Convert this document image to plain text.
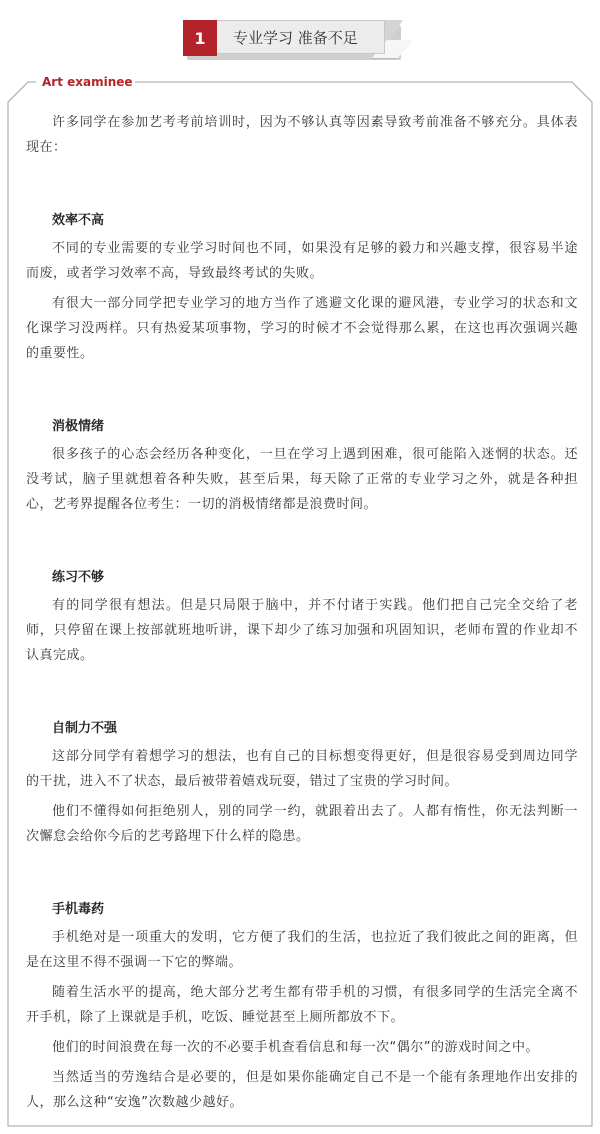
1	专业学习 准备不足
Art examinee

许多同学在参加艺考考前培训时，因为不够认真等因素导致考前准备不够充分。具体表现在：

效率不高

不同的专业需要的专业学习时间也不同，如果没有足够的毅力和兴趣支撑，很容易半途而废，或者学习效率不高，导致最终考试的失败。

有很大一部分同学把专业学习的地方当作了逃避文化课的避风港，专业学习的状态和文化课学习没两样。只有热爱某项事物，学习的时候才不会觉得那么累，在这也再次强调兴趣的重要性。

消极情绪

很多孩子的心态会经历各种变化，一旦在学习上遇到困难，很可能陷入迷惘的状态。还没考试，脑子里就想着各种失败，甚至后果，每天除了正常的专业学习之外，就是各种担心，艺考界提醒各位考生：一切的消极情绪都是浪费时间。

练习不够

有的同学很有想法。但是只局限于脑中，并不付诸于实践。他们把自己完全交给了老师，只停留在课上按部就班地听讲，课下却少了练习加强和巩固知识，老师布置的作业却不认真完成。

自制力不强

这部分同学有着想学习的想法，也有自己的目标想变得更好，但是很容易受到周边同学的干扰，进入不了状态，最后被带着嬉戏玩耍，错过了宝贵的学习时间。

他们不懂得如何拒绝别人，别的同学一约，就跟着出去了。人都有惰性，你无法判断一次懈怠会给你今后的艺考路埋下什么样的隐患。

手机毒药

手机绝对是一项重大的发明，它方便了我们的生活，也拉近了我们彼此之间的距离，但是在这里不得不强调一下它的弊端。

随着生活水平的提高，绝大部分艺考生都有带手机的习惯，有很多同学的生活完全离不开手机，除了上课就是手机，吃饭、睡觉甚至上厕所都放不下。

他们的时间浪费在每一次的不必要手机查看信息和每一次“偶尔”的游戏时间之中。

当然适当的劳逸结合是必要的，但是如果你能确定自己不是一个能有条理地作出安排的人，那么这种“安逸”次数越少越好。
